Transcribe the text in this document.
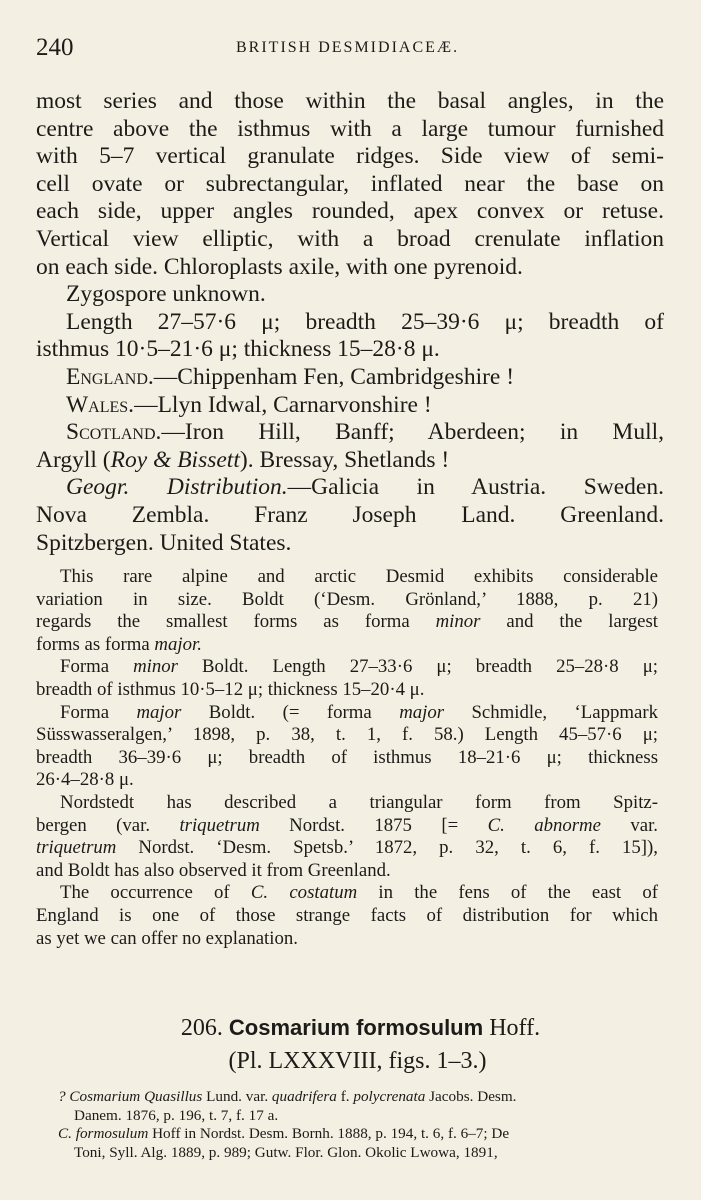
240	BRITISH DESMIDIACEÆ.
most series and those within the basal angles, in the
centre above the isthmus with a large tumour furnished
with 5–7 vertical granulate ridges. Side view of semi-
cell ovate or subrectangular, inflated near the base on
each side, upper angles rounded, apex convex or retuse.
Vertical view elliptic, with a broad crenulate inflation
on each side. Chloroplasts axile, with one pyrenoid.
Zygospore unknown.
Length 27–57·6 μ; breadth 25–39·6 μ; breadth of
isthmus 10·5–21·6 μ; thickness 15–28·8 μ.
England.—Chippenham Fen, Cambridgeshire !
Wales.—Llyn Idwal, Carnarvonshire !
Scotland.—Iron Hill, Banff; Aberdeen; in Mull,
Argyll (Roy & Bissett). Bressay, Shetlands !
Geogr. Distribution.—Galicia in Austria. Sweden.
Nova Zembla. Franz Joseph Land. Greenland.
Spitzbergen. United States.
This rare alpine and arctic Desmid exhibits considerable
variation in size. Boldt (‘Desm. Grönland,’ 1888, p. 21)
regards the smallest forms as forma minor and the largest
forms as forma major.
Forma minor Boldt. Length 27–33·6 μ; breadth 25–28·8 μ;
breadth of isthmus 10·5–12 μ; thickness 15–20·4 μ.
Forma major Boldt. (= forma major Schmidle, ‘Lappmark
Süsswasseralgen,’ 1898, p. 38, t. 1, f. 58.) Length 45–57·6 μ;
breadth 36–39·6 μ; breadth of isthmus 18–21·6 μ; thickness
26·4–28·8 μ.
Nordstedt has described a triangular form from Spitz-
bergen (var. triquetrum Nordst. 1875 [= C. abnorme var.
triquetrum Nordst. ‘Desm. Spetsb.’ 1872, p. 32, t. 6, f. 15]),
and Boldt has also observed it from Greenland.
The occurrence of C. costatum in the fens of the east of
England is one of those strange facts of distribution for which
as yet we can offer no explanation.
206. Cosmarium formosulum Hoff.
(Pl. LXXXVIII, figs. 1–3.)
? Cosmarium Quasillus Lund. var. quadrifera f. polycrenata Jacobs. Desm.
Danem. 1876, p. 196, t. 7, f. 17 a.
C. formosulum Hoff in Nordst. Desm. Bornh. 1888, p. 194, t. 6, f. 6–7; De
Toni, Syll. Alg. 1889, p. 989; Gutw. Flor. Glon. Okolic Lwowa, 1891,
